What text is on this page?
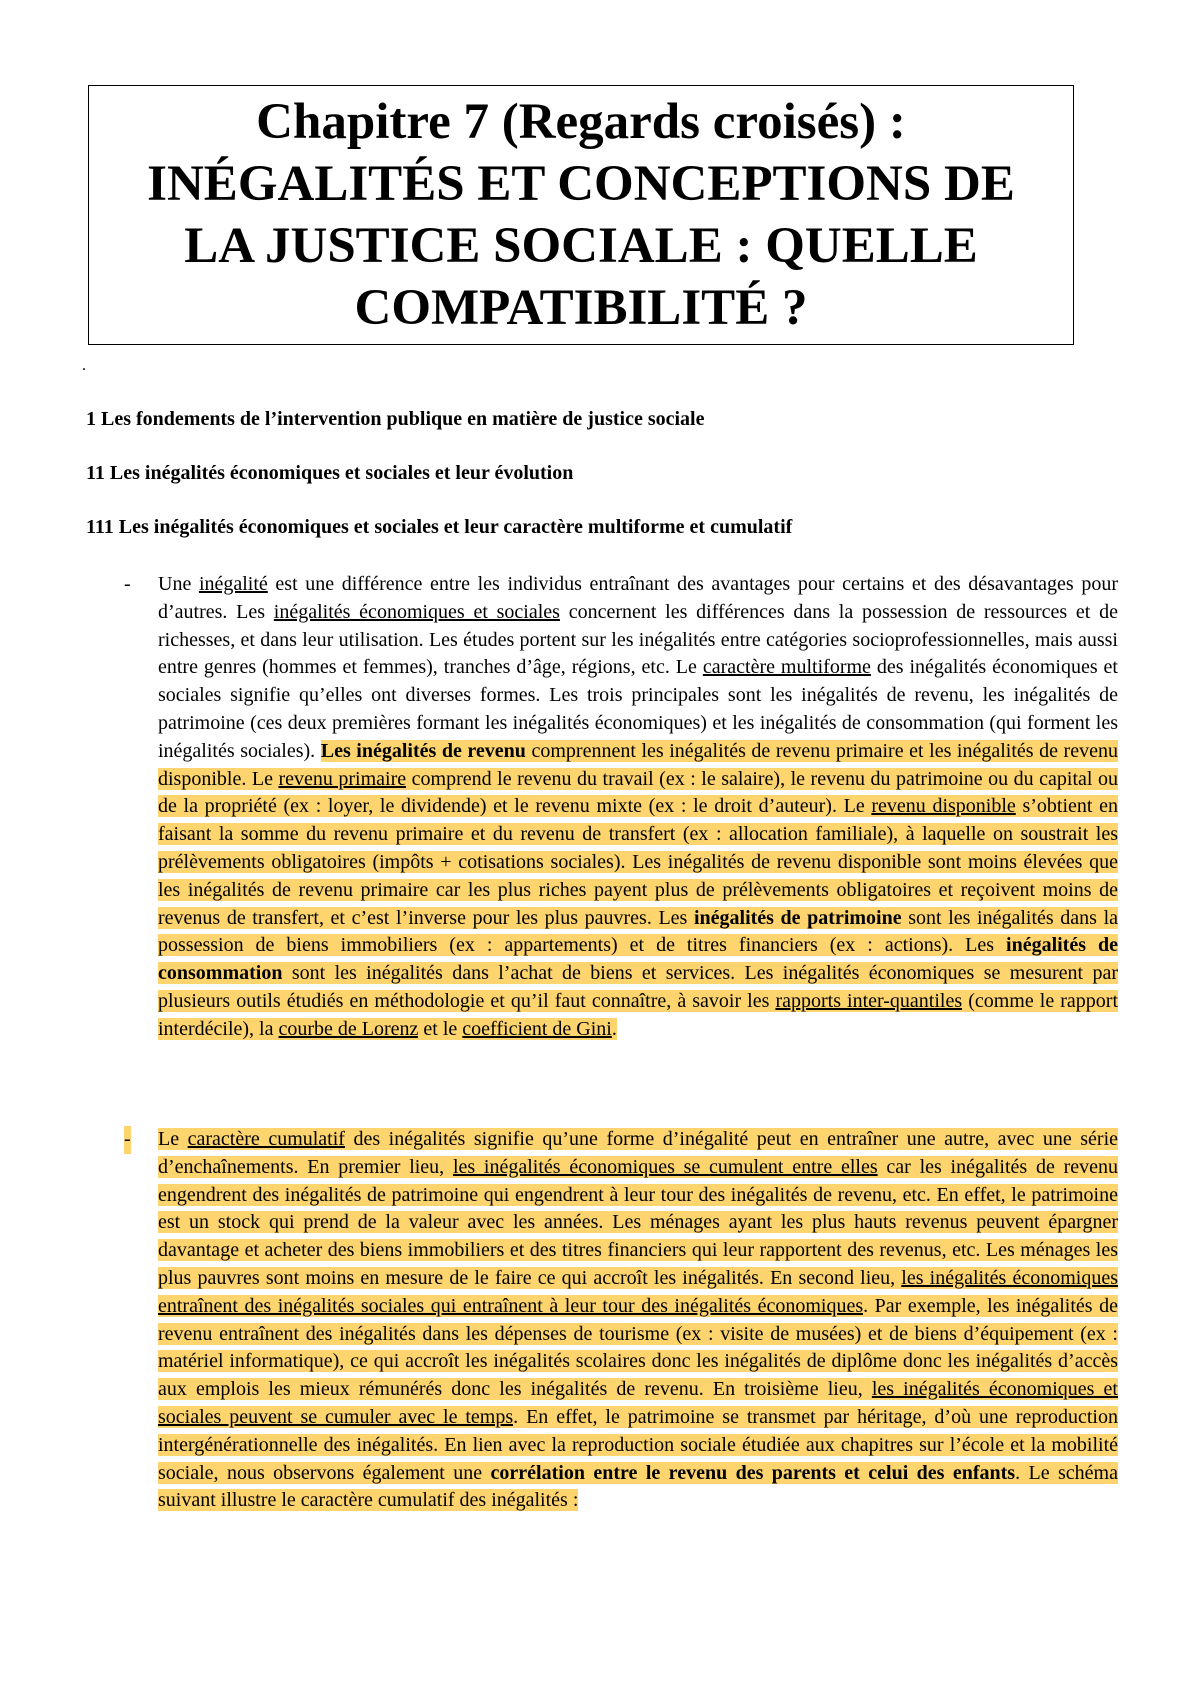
Chapitre 7 (Regards croisés) :
INÉGALITÉS ET CONCEPTIONS DE
LA JUSTICE SOCIALE : QUELLE
COMPATIBILITÉ ?
.
1 Les fondements de l’intervention publique en matière de justice sociale
11 Les inégalités économiques et sociales et leur évolution
111 Les inégalités économiques et sociales et leur caractère multiforme et cumulatif
- Une inégalité est une différence entre les individus entraînant des avantages pour certains et des désavantages pour d’autres. Les inégalités économiques et sociales concernent les différences dans la possession de ressources et de richesses, et dans leur utilisation. Les études portent sur les inégalités entre catégories socioprofessionnelles, mais aussi entre genres (hommes et femmes), tranches d’âge, régions, etc. Le caractère multiforme des inégalités économiques et sociales signifie qu’elles ont diverses formes. Les trois principales sont les inégalités de revenu, les inégalités de patrimoine (ces deux premières formant les inégalités économiques) et les inégalités de consommation (qui forment les inégalités sociales). Les inégalités de revenu comprennent les inégalités de revenu primaire et les inégalités de revenu disponible. Le revenu primaire comprend le revenu du travail (ex : le salaire), le revenu du patrimoine ou du capital ou de la propriété (ex : loyer, le dividende) et le revenu mixte (ex : le droit d’auteur). Le revenu disponible s’obtient en faisant la somme du revenu primaire et du revenu de transfert (ex : allocation familiale), à laquelle on soustrait les prélèvements obligatoires (impôts + cotisations sociales). Les inégalités de revenu disponible sont moins élevées que les inégalités de revenu primaire car les plus riches payent plus de prélèvements obligatoires et reçoivent moins de revenus de transfert, et c’est l’inverse pour les plus pauvres. Les inégalités de patrimoine sont les inégalités dans la possession de biens immobiliers (ex : appartements) et de titres financiers (ex : actions). Les inégalités de consommation sont les inégalités dans l’achat de biens et services. Les inégalités économiques se mesurent par plusieurs outils étudiés en méthodologie et qu’il faut connaître, à savoir les rapports inter-quantiles (comme le rapport interdécile), la courbe de Lorenz et le coefficient de Gini.
- Le caractère cumulatif des inégalités signifie qu’une forme d’inégalité peut en entraîner une autre, avec une série d’enchaînements. En premier lieu, les inégalités économiques se cumulent entre elles car les inégalités de revenu engendrent des inégalités de patrimoine qui engendrent à leur tour des inégalités de revenu, etc. En effet, le patrimoine est un stock qui prend de la valeur avec les années. Les ménages ayant les plus hauts revenus peuvent épargner davantage et acheter des biens immobiliers et des titres financiers qui leur rapportent des revenus, etc. Les ménages les plus pauvres sont moins en mesure de le faire ce qui accroît les inégalités. En second lieu, les inégalités économiques entraînent des inégalités sociales qui entraînent à leur tour des inégalités économiques. Par exemple, les inégalités de revenu entraînent des inégalités dans les dépenses de tourisme (ex : visite de musées) et de biens d’équipement (ex : matériel informatique), ce qui accroît les inégalités scolaires donc les inégalités de diplôme donc les inégalités d’accès aux emplois les mieux rémunérés donc les inégalités de revenu. En troisième lieu, les inégalités économiques et sociales peuvent se cumuler avec le temps. En effet, le patrimoine se transmet par héritage, d’où une reproduction intergénérationnelle des inégalités. En lien avec la reproduction sociale étudiée aux chapitres sur l’école et la mobilité sociale, nous observons également une corrélation entre le revenu des parents et celui des enfants. Le schéma suivant illustre le caractère cumulatif des inégalités :
